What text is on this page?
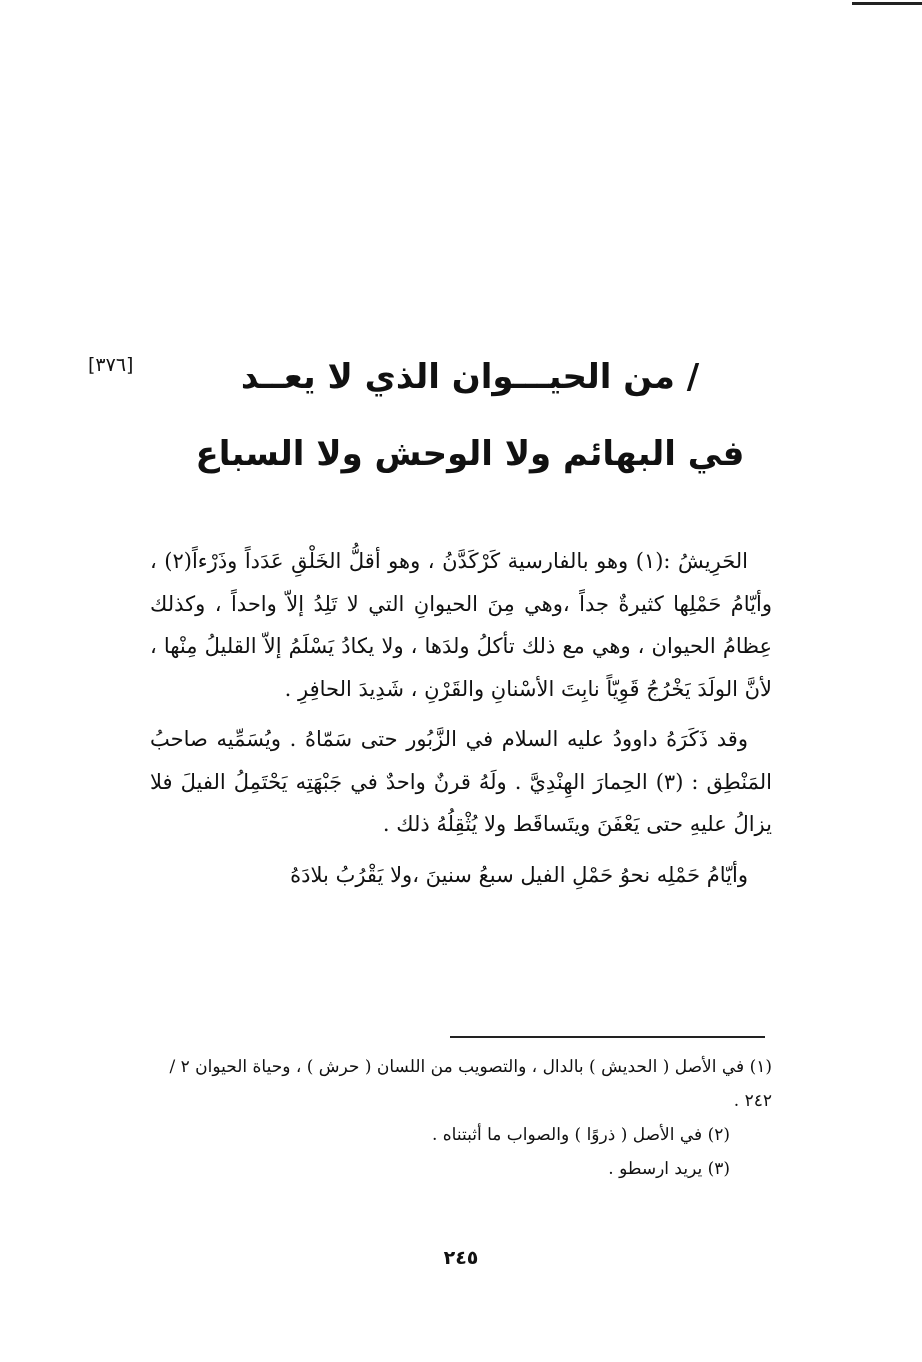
[٣٧٦]	/ من الحيـــوان الذي لا يعــد
في البهائم ولا الوحش ولا السباع

الحَرِيشُ :(١) وهو بالفارسية كَرْكَدَّنُ ، وهو أقلُّ الخَلْقِ عَدَداً وذَرْءاً(٢) ، وأيّامُ حَمْلِها كثيرةٌ جداً ،وهي مِنَ الحيوانِ التي لا تَلِدُ إلاّ واحداً ، وكذلك عِظامُ الحيوان ، وهي مع ذلك تأكلُ ولدَها ، ولا يكادُ يَسْلَمُ إلاّ القليلُ مِنْها ، لأنَّ الولَدَ يَخْرُجُ قَوِيّاً نابِتَ الأسْنانِ والقَرْنِ ، شَدِيدَ الحافِرِ .

وقد ذَكَرَهُ داوودُ عليه السلام في الزَّبُور حتى سَمّاهُ . ويُسَمِّيه صاحبُ المَنْطِق : (٣) الحِمارَ الهِنْدِيَّ . ولَهُ قرنٌ واحدٌ في جَبْهَتِه يَحْتَمِلُ الفيلَ فلا يزالُ عليهِ حتى يَعْفَنَ ويتَساقَط ولا يُثْقِلُهُ ذلك .

وأيّامُ حَمْلِه نحوُ حَمْلِ الفيل سبعُ سنينَ ،ولا يَقْرُبُ بلادَهُ

(١) في الأصل ( الحديش ) بالدال ، والتصويب من اللسان ( حرش ) ، وحياة الحيوان ٢ / ٢٤٢ .
(٢) في الأصل ( ذروًا ) والصواب ما أثبتناه .
(٣) يريد ارسطو .
٢٤٥
